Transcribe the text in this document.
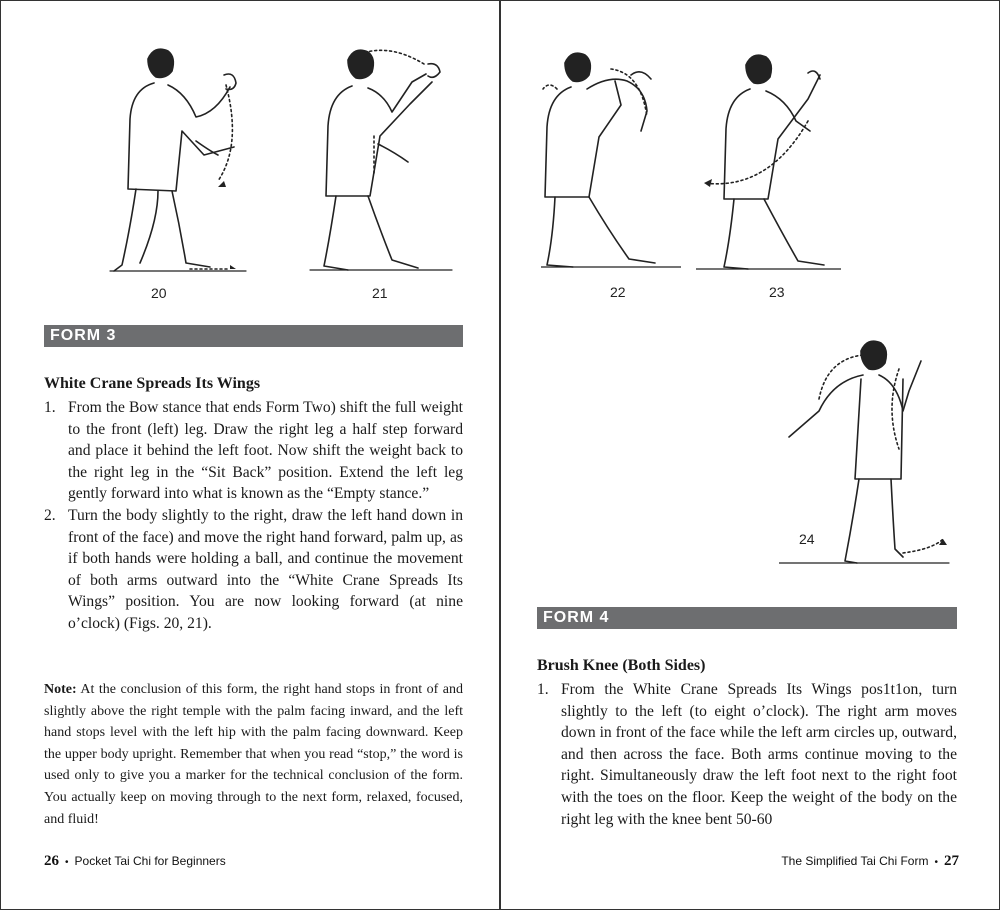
20	21
FORM 3
White Crane Spreads Its Wings
1. From the Bow stance that ends Form Two) shift the full weight to the front (left) leg. Draw the right leg a half step forward and place it behind the left foot. Now shift the weight back to the right leg in the “Sit Back” position. Extend the left leg gently forward into what is known as the “Empty stance.”
2. Turn the body slightly to the right, draw the left hand down in front of the face) and move the right hand forward, palm up, as if both hands were holding a ball, and continue the movement of both arms outward into the “White Crane Spreads Its Wings” position. You are now looking forward (at nine o’clock) (Figs. 20, 21).

Note: At the conclusion of this form, the right hand stops in front of and slightly above the right temple with the palm facing inward, and the left hand stops level with the left hip with the palm facing downward. Keep the upper body upright. Remember that when you read “stop,” the word is used only to give you a marker for the technical conclusion of the form. You actually keep on moving through to the next form, relaxed, focused, and fluid!

26 • Pocket Tai Chi for Beginners
22	23
24
FORM 4
Brush Knee (Both Sides)
1. From the White Crane Spreads Its Wings pos1t1on, turn slightly to the left (to eight o’clock). The right arm moves down in front of the face while the left arm circles up, outward, and then across the face. Both arms continue moving to the right. Simultaneously draw the left foot next to the right foot with the toes on the floor. Keep the weight of the body on the right leg with the knee bent 50-60
The Simplified Tai Chi Form • 27
